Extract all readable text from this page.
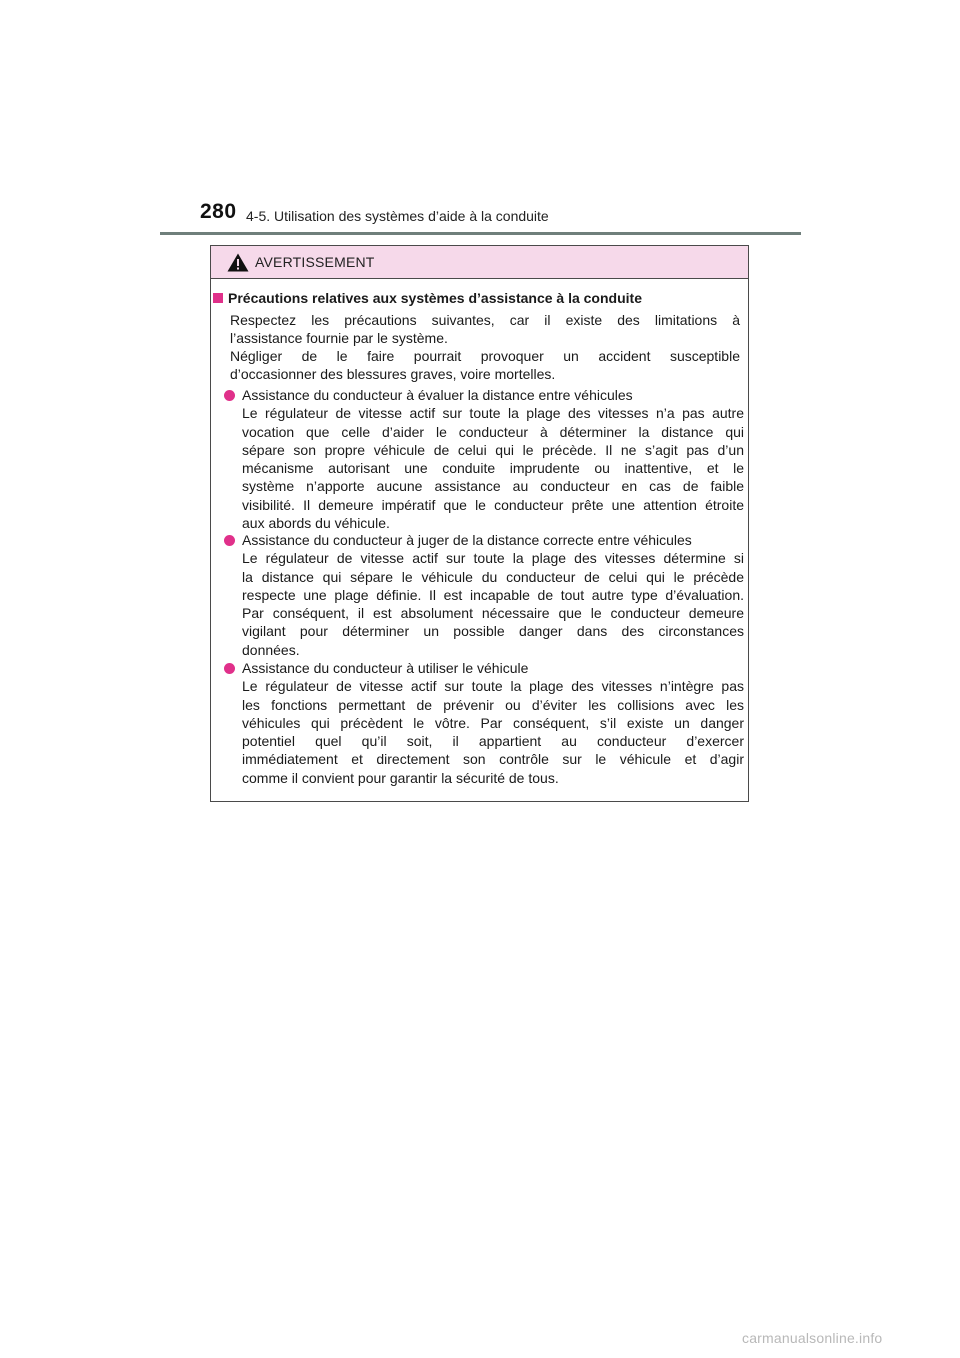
280 4-5. Utilisation des systèmes d’aide à la conduite
AVERTISSEMENT
Précautions relatives aux systèmes d’assistance à la conduite
Respectez les précautions suivantes, car il existe des limitations à
l’assistance fournie par le système.
Négliger de le faire pourrait provoquer un accident susceptible
d’occasionner des blessures graves, voire mortelles.
Assistance du conducteur à évaluer la distance entre véhicules
Le régulateur de vitesse actif sur toute la plage des vitesses n’a pas autre
vocation que celle d’aider le conducteur à déterminer la distance qui
sépare son propre véhicule de celui qui le précède. Il ne s’agit pas d’un
mécanisme autorisant une conduite imprudente ou inattentive, et le
système n’apporte aucune assistance au conducteur en cas de faible
visibilité. Il demeure impératif que le conducteur prête une attention étroite
aux abords du véhicule.
Assistance du conducteur à juger de la distance correcte entre véhicules
Le régulateur de vitesse actif sur toute la plage des vitesses détermine si
la distance qui sépare le véhicule du conducteur de celui qui le précède
respecte une plage définie. Il est incapable de tout autre type d’évaluation.
Par conséquent, il est absolument nécessaire que le conducteur demeure
vigilant pour déterminer un possible danger dans des circonstances
données.
Assistance du conducteur à utiliser le véhicule
Le régulateur de vitesse actif sur toute la plage des vitesses n’intègre pas
les fonctions permettant de prévenir ou d’éviter les collisions avec les
véhicules qui précèdent le vôtre. Par conséquent, s’il existe un danger
potentiel quel qu’il soit, il appartient au conducteur d’exercer
immédiatement et directement son contrôle sur le véhicule et d’agir
comme il convient pour garantir la sécurité de tous.
carmanualsonline.info
